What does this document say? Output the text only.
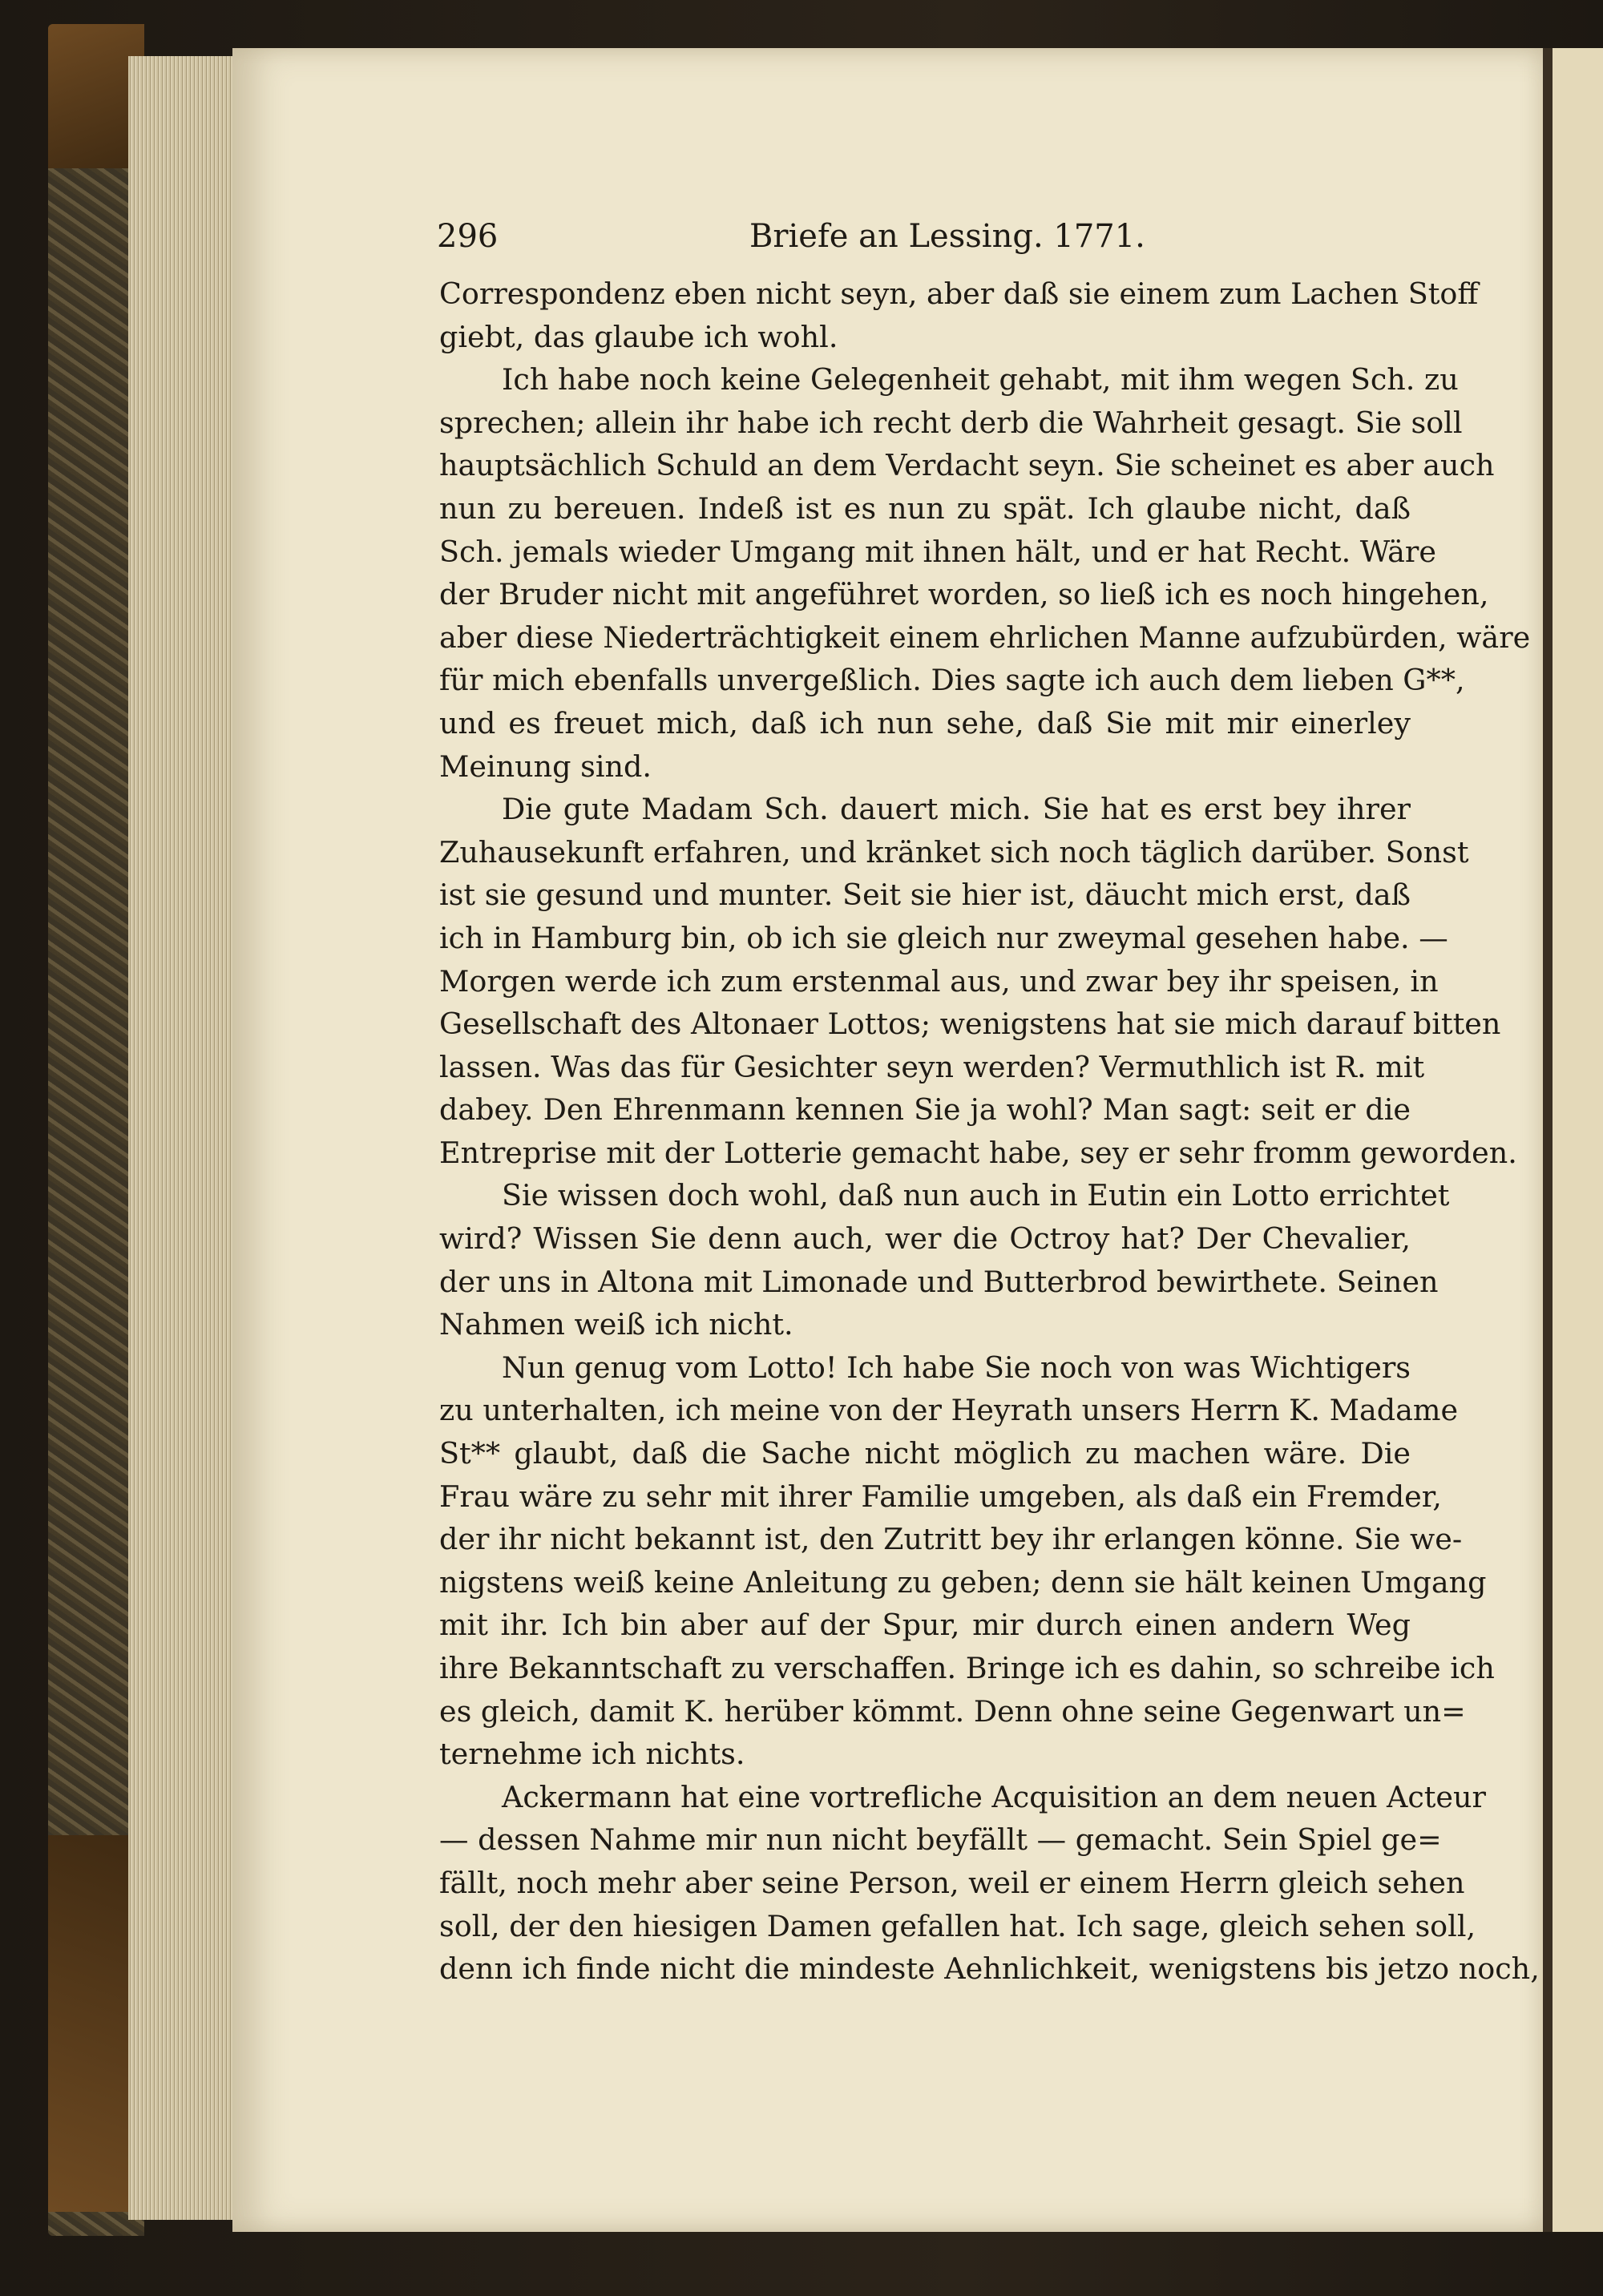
296	Briefe an Lessing. 1771.
Correspondenz eben nicht seyn, aber daß sie einem zum Lachen Stoff
giebt, das glaube ich wohl.
Ich habe noch keine Gelegenheit gehabt, mit ihm wegen Sch. zu
sprechen; allein ihr habe ich recht derb die Wahrheit gesagt. Sie soll
hauptsächlich Schuld an dem Verdacht seyn. Sie scheinet es aber auch
nun zu bereuen. Indeß ist es nun zu spät. Ich glaube nicht, daß
Sch. jemals wieder Umgang mit ihnen hält, und er hat Recht. Wäre
der Bruder nicht mit angeführet worden, so ließ ich es noch hingehen,
aber diese Niederträchtigkeit einem ehrlichen Manne aufzubürden, wäre
für mich ebenfalls unvergeßlich. Dies sagte ich auch dem lieben G**,
und es freuet mich, daß ich nun sehe, daß Sie mit mir einerley
Meinung sind.
Die gute Madam Sch. dauert mich. Sie hat es erst bey ihrer
Zuhausekunft erfahren, und kränket sich noch täglich darüber. Sonst
ist sie gesund und munter. Seit sie hier ist, däucht mich erst, daß
ich in Hamburg bin, ob ich sie gleich nur zweymal gesehen habe. —
Morgen werde ich zum erstenmal aus, und zwar bey ihr speisen, in
Gesellschaft des Altonaer Lottos; wenigstens hat sie mich darauf bitten
lassen. Was das für Gesichter seyn werden? Vermuthlich ist R. mit
dabey. Den Ehrenmann kennen Sie ja wohl? Man sagt: seit er die
Entreprise mit der Lotterie gemacht habe, sey er sehr fromm geworden.
Sie wissen doch wohl, daß nun auch in Eutin ein Lotto errichtet
wird? Wissen Sie denn auch, wer die Octroy hat? Der Chevalier,
der uns in Altona mit Limonade und Butterbrod bewirthete. Seinen
Nahmen weiß ich nicht.
Nun genug vom Lotto! Ich habe Sie noch von was Wichtigers
zu unterhalten, ich meine von der Heyrath unsers Herrn K. Madame
St** glaubt, daß die Sache nicht möglich zu machen wäre. Die
Frau wäre zu sehr mit ihrer Familie umgeben, als daß ein Fremder,
der ihr nicht bekannt ist, den Zutritt bey ihr erlangen könne. Sie we-
nigstens weiß keine Anleitung zu geben; denn sie hält keinen Umgang
mit ihr. Ich bin aber auf der Spur, mir durch einen andern Weg
ihre Bekanntschaft zu verschaffen. Bringe ich es dahin, so schreibe ich
es gleich, damit K. herüber kömmt. Denn ohne seine Gegenwart un=
ternehme ich nichts.
Ackermann hat eine vortrefliche Acquisition an dem neuen Acteur
— dessen Nahme mir nun nicht beyfällt — gemacht. Sein Spiel ge=
fällt, noch mehr aber seine Person, weil er einem Herrn gleich sehen
soll, der den hiesigen Damen gefallen hat. Ich sage, gleich sehen soll,
denn ich finde nicht die mindeste Aehnlichkeit, wenigstens bis jetzo noch,
